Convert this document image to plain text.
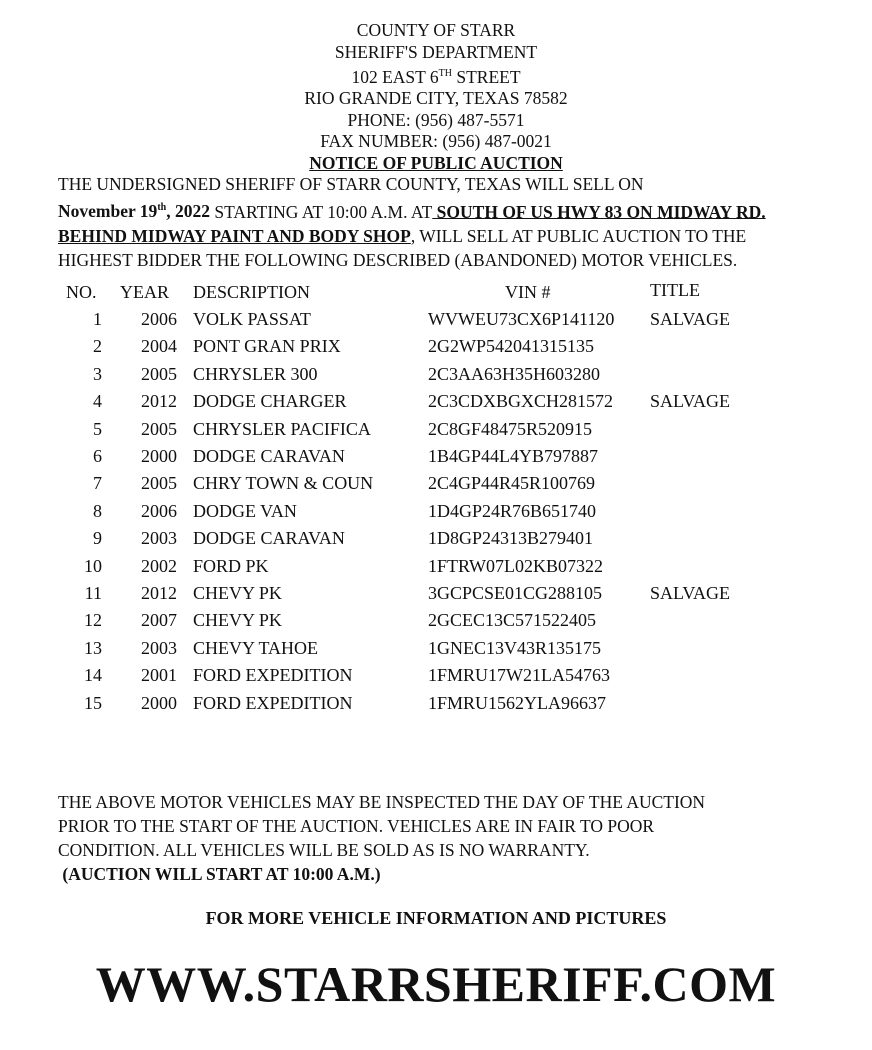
COUNTY OF STARR
SHERIFF'S DEPARTMENT
102 EAST 6TH STREET
RIO GRANDE CITY, TEXAS 78582
PHONE: (956) 487-5571
FAX NUMBER: (956) 487-0021
NOTICE OF PUBLIC AUCTION
THE UNDERSIGNED SHERIFF OF STARR COUNTY, TEXAS WILL SELL ON
November 19th, 2022 STARTING AT 10:00 A.M. AT SOUTH OF US HWY 83 ON MIDWAY RD.
BEHIND MIDWAY PAINT AND BODY SHOP, WILL SELL AT PUBLIC AUCTION TO THE
HIGHEST BIDDER THE FOLLOWING DESCRIBED (ABANDONED) MOTOR VEHICLES.
NO.	YEAR	DESCRIPTION	VIN #	TITLE
1	2006 VOLK PASSAT	WVWEU73CX6P141120 SALVAGE
2	2004 PONT GRAN PRIX	2G2WP542041315135
3	2005 CHRYSLER 300	2C3AA63H35H603280
4	2012 DODGE CHARGER	2C3CDXBGXCH281572 SALVAGE
5	2005 CHRYSLER PACIFICA	2C8GF48475R520915
6	2000 DODGE CARAVAN	1B4GP44L4YB797887
7	2005 CHRY TOWN & COUN	2C4GP44R45R100769
8	2006 DODGE VAN	1D4GP24R76B651740
9	2003 DODGE CARAVAN	1D8GP24313B279401
10	2002 FORD PK	1FTRW07L02KB07322
11	2012 CHEVY PK	3GCPCSE01CG288105	SALVAGE
12	2007 CHEVY PK	2GCEC13C571522405
13	2003 CHEVY TAHOE	1GNEC13V43R135175
14	2001 FORD EXPEDITION	1FMRU17W21LA54763
15	2000 FORD EXPEDITION	1FMRU1562YLA96637
THE ABOVE MOTOR VEHICLES MAY BE INSPECTED THE DAY OF THE AUCTION
PRIOR TO THE START OF THE AUCTION. VEHICLES ARE IN FAIR TO POOR
CONDITION. ALL VEHICLES WILL BE SOLD AS IS NO WARRANTY.
(AUCTION WILL START AT 10:00 A.M.)
FOR MORE VEHICLE INFORMATION AND PICTURES
WWW.STARRSHERIFF.COM
